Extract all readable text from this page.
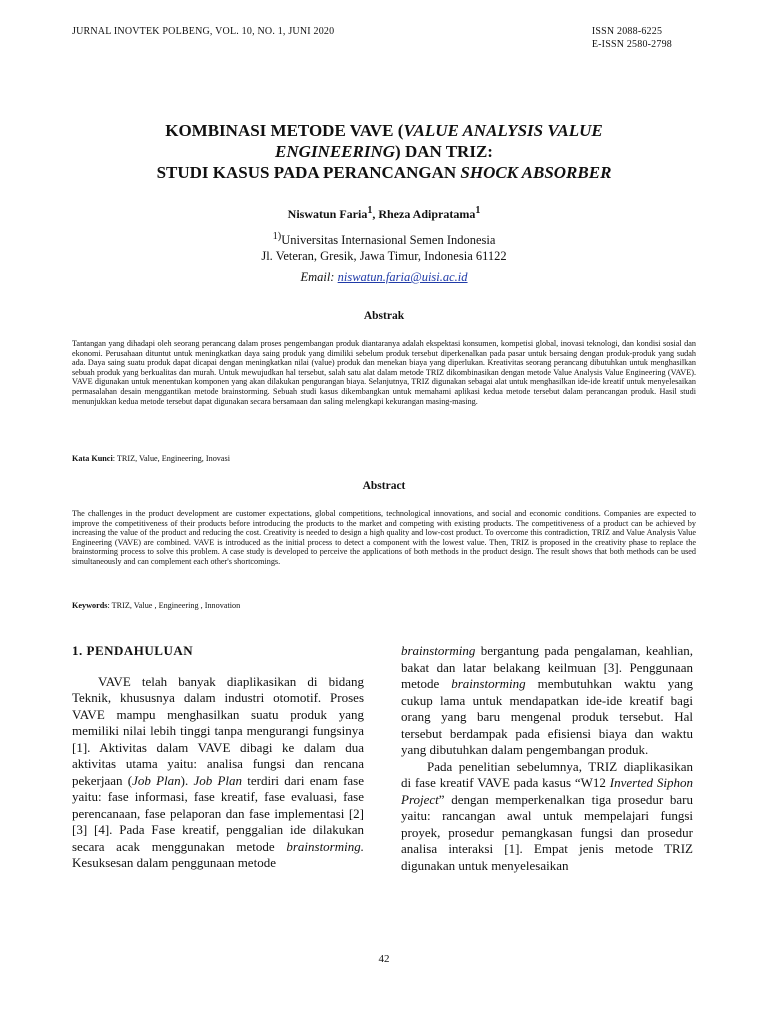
JURNAL INOVTEK POLBENG, VOL. 10, NO. 1, JUNI 2020	ISSN 2088-6225
E-ISSN 2580-2798
KOMBINASI METODE VAVE (VALUE ANALYSIS VALUE
ENGINEERING) DAN TRIZ:
STUDI KASUS PADA PERANCANGAN SHOCK ABSORBER
Niswatun Faria$^1$, Rheza Adipratama$^1$
$^{1)}$Universitas Internasional Semen Indonesia
Jl. Veteran, Gresik, Jawa Timur, Indonesia 61122
Email: niswatun.faria@uisi.ac.id
Abstrak
Tantangan yang dihadapi oleh seorang perancang dalam proses pengembangan produk diantaranya adalah ekspektasi konsumen, kompetisi global, inovasi teknologi, dan kondisi sosial dan ekonomi. Perusahaan dituntut untuk meningkatkan daya saing produk yang dimiliki sebelum produk tersebut diperkenalkan pada pasar untuk bersaing dengan produk-produk yang sudah ada. Daya saing suatu produk dapat dicapai dengan meningkatkan nilai (value) produk dan menekan biaya yang diperlukan. Kreativitas seorang perancang dibutuhkan untuk menghasilkan sebuah produk yang berkualitas dan murah. Untuk mewujudkan hal tersebut, salah satu alat dalam metode TRIZ dikombinasikan dengan metode Value Analysis Value Engineering (VAVE). VAVE digunakan untuk menentukan komponen yang akan dilakukan pengurangan biaya. Selanjutnya, TRIZ digunakan sebagai alat untuk menghasilkan ide-ide kreatif untuk menyelesaikan permasalahan desain menggantikan metode brainstorming. Sebuah studi kasus dikembangkan untuk memahami aplikasi kedua metode tersebut dalam perancangan produk. Hasil studi menunjukkan kedua metode tersebut dapat digunakan secara bersamaan dan saling melengkapi kekurangan masing-masing.
Kata Kunci: TRIZ, Value, Engineering, Inovasi
Abstract
The challenges in the product development are customer expectations, global competitions, technological innovations, and social and economic conditions. Companies are expected to improve the competitiveness of their products before introducing the products to the market and competing with existing products. The competitiveness of a product can be achieved by increasing the value of the product and reducing the cost. Creativity is needed to design a high quality and low-cost product. To overcome this contradiction, TRIZ and Value Analysis Value Engineering (VAVE) are combined. VAVE is introduced as the initial process to detect a component with the lowest value. Then, TRIZ is proposed in the creativity phase to replace the brainstorming process to solve this problem. A case study is developed to perceive the applications of both methods in the product design. The result shows that both methods can be used simultaneously and can complement each other's shortcomings.
Keywords: TRIZ, Value , Engineering , Innovation

1. PENDAHULUAN

VAVE telah banyak diaplikasikan di bidang Teknik, khususnya dalam industri otomotif. Proses VAVE mampu menghasilkan suatu produk yang memiliki nilai lebih tinggi tanpa mengurangi fungsinya [1]. Aktivitas dalam VAVE dibagi ke dalam dua aktivitas utama yaitu: analisa fungsi dan rencana pekerjaan (Job Plan). Job Plan terdiri dari enam fase yaitu: fase informasi, fase kreatif, fase evaluasi, fase perencanaan, fase pelaporan dan fase implementasi [2] [3] [4]. Pada Fase kreatif, penggalian ide dilakukan secara acak menggunakan metode brainstorming. Kesuksesan dalam penggunaan metode

brainstorming bergantung pada pengalaman, keahlian, bakat dan latar belakang keilmuan [3]. Penggunaan metode brainstorming membutuhkan waktu yang cukup lama untuk mendapatkan ide-ide kreatif bagi orang yang baru mengenal produk tersebut. Hal tersebut berdampak pada efisiensi biaya dan waktu yang dibutuhkan dalam pengembangan produk.

Pada penelitian sebelumnya, TRIZ diaplikasikan di fase kreatif VAVE pada kasus “W12 Inverted Siphon Project” dengan memperkenalkan tiga prosedur baru yaitu: rancangan awal untuk mempelajari fungsi proyek, prosedur pemangkasan fungsi dan prosedur analisa interaksi [1]. Empat jenis metode TRIZ digunakan untuk menyelesaikan

42
